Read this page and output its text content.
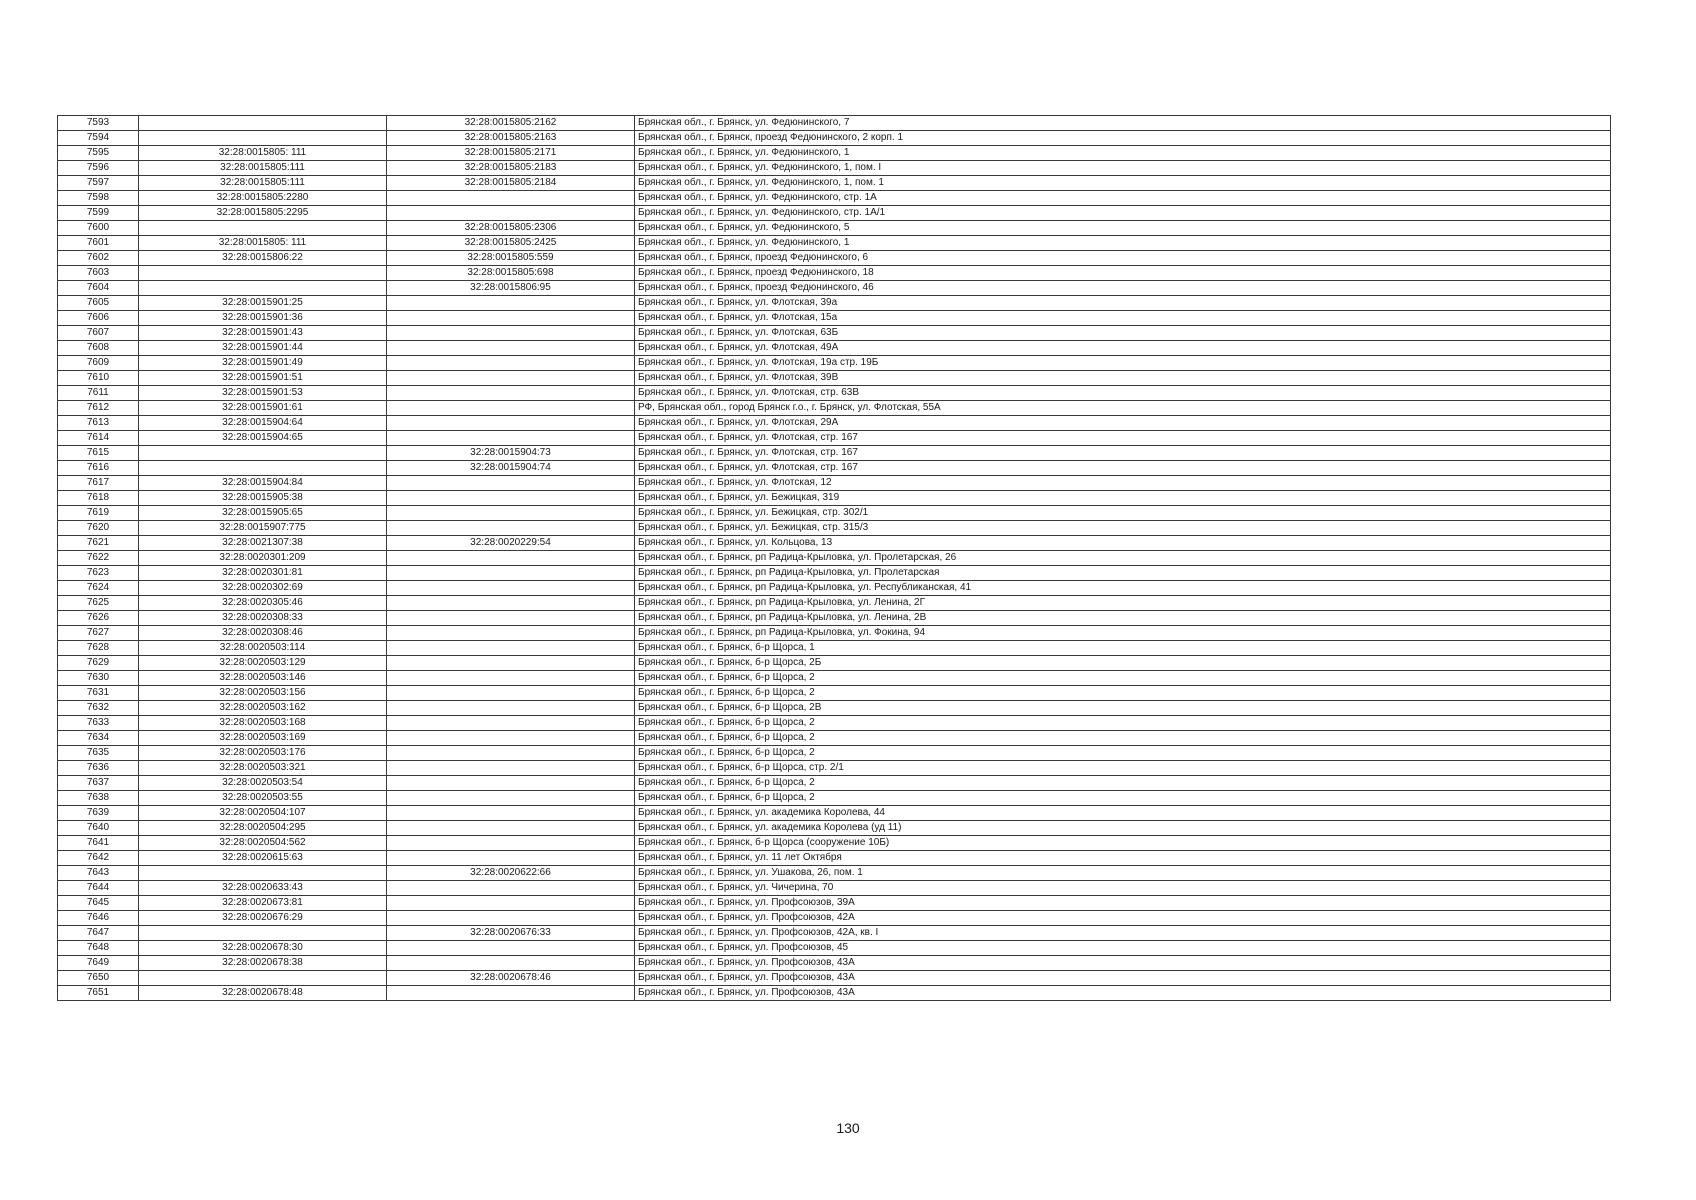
7593		32:28:0015805:2162	Брянская обл., г. Брянск, ул. Федюнинского, 7
7594		32:28:0015805:2163	Брянская обл., г. Брянск, проезд Федюнинского, 2 корп. 1
7595	32:28:0015805: 111	32:28:0015805:2171	Брянская обл., г. Брянск, ул. Федюнинского, 1
7596	32:28:0015805:111	32:28:0015805:2183	Брянская обл., г. Брянск, ул. Федюнинского, 1, пом. I
7597	32:28:0015805:111	32:28:0015805:2184	Брянская обл., г. Брянск, ул. Федюнинского, 1, пом. 1
7598	32:28:0015805:2280		Брянская обл., г. Брянск, ул. Федюнинского, стр. 1А
7599	32:28:0015805:2295		Брянская обл., г. Брянск, ул. Федюнинского, стр. 1А/1
7600		32:28:0015805:2306	Брянская обл., г. Брянск, ул. Федюнинского, 5
7601	32:28:0015805: 111	32:28:0015805:2425	Брянская обл., г. Брянск, ул. Федюнинского, 1
7602	32:28:0015806:22	32:28:0015805:559	Брянская обл., г. Брянск, проезд Федюнинского, 6
7603		32:28:0015805:698	Брянская обл., г. Брянск, проезд Федюнинского, 18
7604		32:28:0015806:95	Брянская обл., г. Брянск, проезд Федюнинского, 46
7605	32:28:0015901:25		Брянская обл., г. Брянск, ул. Флотская, 39а
7606	32:28:0015901:36		Брянская обл., г. Брянск, ул. Флотская, 15а
7607	32:28:0015901:43		Брянская обл., г. Брянск, ул. Флотская, 63Б
7608	32:28:0015901:44		Брянская обл., г. Брянск, ул. Флотская, 49А
7609	32:28:0015901:49		Брянская обл., г. Брянск, ул. Флотская, 19а стр. 19Б
7610	32:28:0015901:51		Брянская обл., г. Брянск, ул. Флотская, 39В
7611	32:28:0015901:53		Брянская обл., г. Брянск, ул. Флотская, стр. 63В
7612	32:28:0015901:61		РФ, Брянская обл., город Брянск г.о., г. Брянск, ул. Флотская, 55А
7613	32:28:0015904:64		Брянская обл., г. Брянск, ул. Флотская, 29А
7614	32:28:0015904:65		Брянская обл., г. Брянск, ул. Флотская, стр. 167
7615		32:28:0015904:73	Брянская обл., г. Брянск, ул. Флотская, стр. 167
7616		32:28:0015904:74	Брянская обл., г. Брянск, ул. Флотская, стр. 167
7617	32:28:0015904:84		Брянская обл., г. Брянск, ул. Флотская, 12
7618	32:28:0015905:38		Брянская обл., г. Брянск, ул. Бежицкая, 319
7619	32:28:0015905:65		Брянская обл., г. Брянск, ул. Бежицкая, стр. 302/1
7620	32:28:0015907:775		Брянская обл., г. Брянск, ул. Бежицкая, стр. 315/3
7621	32:28:0021307:38	32:28:0020229:54	Брянская обл., г. Брянск, ул. Кольцова, 13
7622	32:28:0020301:209		Брянская обл., г. Брянск, рп Радица-Крыловка, ул. Пролетарская, 26
7623	32:28:0020301:81		Брянская обл., г. Брянск, рп Радица-Крыловка, ул. Пролетарская
7624	32:28:0020302:69		Брянская обл., г. Брянск, рп Радица-Крыловка, ул. Республиканская, 41
7625	32:28:0020305:46		Брянская обл., г. Брянск, рп Радица-Крыловка, ул. Ленина, 2Г
7626	32:28:0020308:33		Брянская обл., г. Брянск, рп Радица-Крыловка, ул. Ленина, 2В
7627	32:28:0020308:46		Брянская обл., г. Брянск, рп Радица-Крыловка, ул. Фокина, 94
7628	32:28:0020503:114		Брянская обл., г. Брянск, б-р Щорса, 1
7629	32:28:0020503:129		Брянская обл., г. Брянск, б-р Щорса, 2Б
7630	32:28:0020503:146		Брянская обл., г. Брянск, б-р Щорса, 2
7631	32:28:0020503:156		Брянская обл., г. Брянск, б-р Щорса, 2
7632	32:28:0020503:162		Брянская обл., г. Брянск, б-р Щорса, 2В
7633	32:28:0020503:168		Брянская обл., г. Брянск, б-р Щорса, 2
7634	32:28:0020503:169		Брянская обл., г. Брянск, б-р Щорса, 2
7635	32:28:0020503:176		Брянская обл., г. Брянск, б-р Щорса, 2
7636	32:28:0020503:321		Брянская обл., г. Брянск, б-р Щорса, стр. 2/1
7637	32:28:0020503:54		Брянская обл., г. Брянск, б-р Щорса, 2
7638	32:28:0020503:55		Брянская обл., г. Брянск, б-р Щорса, 2
7639	32:28:0020504:107		Брянская обл., г. Брянск, ул. академика Королева, 44
7640	32:28:0020504:295		Брянская обл., г. Брянск, ул. академика Королева (уд 11)
7641	32:28:0020504:562		Брянская обл., г. Брянск, б-р Щорса (сооружение 10Б)
7642	32:28:0020615:63		Брянская обл., г. Брянск, ул. 11 лет Октября
7643		32:28:0020622:66	Брянская обл., г. Брянск, ул. Ушакова, 26, пом. 1
7644	32:28:0020633:43		Брянская обл., г. Брянск, ул. Чичерина, 70
7645	32:28:0020673:81		Брянская обл., г. Брянск, ул. Профсоюзов, 39А
7646	32:28:0020676:29		Брянская обл., г. Брянск, ул. Профсоюзов, 42А
7647		32:28:0020676:33	Брянская обл., г. Брянск, ул. Профсоюзов, 42А, кв. I
7648	32:28:0020678:30		Брянская обл., г. Брянск, ул. Профсоюзов, 45
7649	32:28:0020678:38		Брянская обл., г. Брянск, ул. Профсоюзов, 43А
7650		32:28:0020678:46	Брянская обл., г. Брянск, ул. Профсоюзов, 43А
7651	32:28:0020678:48		Брянская обл., г. Брянск, ул. Профсоюзов, 43А
130
